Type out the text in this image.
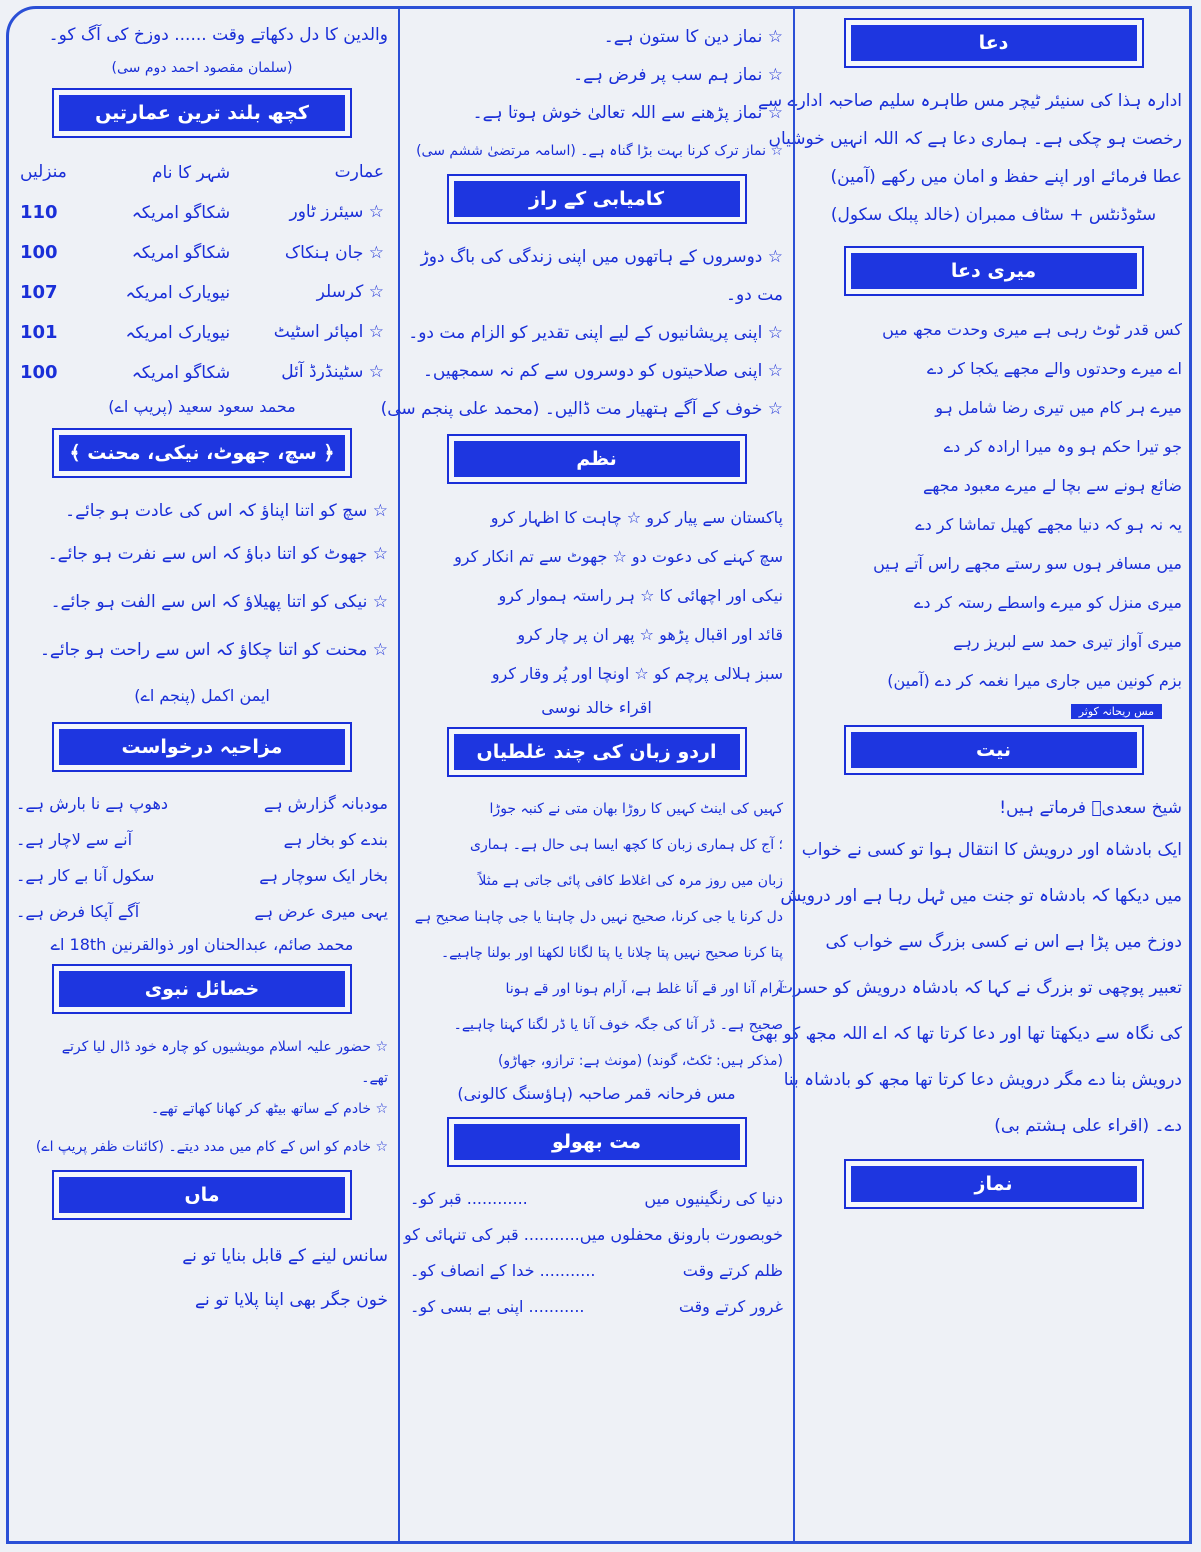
دعا

ادارہ ہذا کی سنیئر ٹیچر مس طاہرہ سلیم صاحبہ ادارے سے

رخصت ہو چکی ہے۔ ہماری دعا ہے کہ اللہ انہیں خوشیاں

عطا فرمائے اور اپنے حفظ و امان میں رکھے (آمین)

سٹوڈنٹس + سٹاف ممبران (خالد پبلک سکول)

میری دعا

کس قدر ٹوٹ رہی ہے میری وحدت مجھ میں

اے میرے وحدتوں والے مجھے یکجا کر دے

میرے ہر کام میں تیری رضا شامل ہو

جو تیرا حکم ہو وہ میرا ارادہ کر دے

ضائع ہونے سے بچا لے میرے معبود مجھے

یہ نہ ہو کہ دنیا مجھے کھیل تماشا کر دے

میں مسافر ہوں سو رستے مجھے راس آتے ہیں

میری منزل کو میرے واسطے رستہ کر دے

میری آواز تیری حمد سے لبریز رہے

بزم کونین میں جاری میرا نغمہ کر دے (آمین)

مس ریحانہ کوثر
نیت

شیخ سعدیؒ فرماتے ہیں!

ایک بادشاہ اور درویش کا انتقال ہوا تو کسی نے خواب

میں دیکھا کہ بادشاہ تو جنت میں ٹہل رہا ہے اور درویش

دوزخ میں پڑا ہے اس نے کسی بزرگ سے خواب کی

تعبیر پوچھی تو بزرگ نے کہا کہ بادشاہ درویش کو حسرت

کی نگاہ سے دیکھتا تھا اور دعا کرتا تھا کہ اے اللہ مجھ کو بھی

درویش بنا دے مگر درویش دعا کرتا تھا مجھ کو بادشاہ بنا

دے۔ (اقراء علی ہشتم بی)

نماز

☆ نماز دین کا ستون ہے۔

☆ نماز ہم سب پر فرض ہے۔

☆ نماز پڑھنے سے اللہ تعالیٰ خوش ہوتا ہے۔

☆ نماز ترک کرنا بہت بڑا گناہ ہے۔ (اسامہ مرتضیٰ ششم سی)

کامیابی کے راز

☆ دوسروں کے ہاتھوں میں اپنی زندگی کی باگ دوڑ

مت دو۔

☆ اپنی پریشانیوں کے لیے اپنی تقدیر کو الزام مت دو۔

☆ اپنی صلاحیتوں کو دوسروں سے کم نہ سمجھیں۔

☆ خوف کے آگے ہتھیار مت ڈالیں۔ (محمد علی پنجم سی)

نظم

پاکستان سے پیار کرو ☆ چاہت کا اظہار کرو

سچ کہنے کی دعوت دو ☆ جھوٹ سے تم انکار کرو

نیکی اور اچھائی کا ☆ ہر راستہ ہموار کرو

قائد اور اقبال پڑھو ☆ پھر ان پر چار کرو

سبز ہلالی پرچم کو ☆ اونچا اور پُر وقار کرو

اقراء خالد نوسی

اردو زبان کی چند غلطیاں

کہیں کی اینٹ کہیں کا روڑا بھان متی نے کنبہ جوڑا

؛ آج کل ہماری زبان کا کچھ ایسا ہی حال ہے۔ ہماری

زبان میں روز مرہ کی اغلاط کافی پائی جاتی ہے مثلاً

دل کرنا یا جی کرنا، صحیح نہیں دل چاہنا یا جی چاہنا صحیح ہے

پتا کرنا صحیح نہیں پتا چلانا یا پتا لگانا لکھنا اور بولنا چاہیے۔

آرام آنا اور قے آنا غلط ہے، آرام ہونا اور قے ہونا

صحیح ہے۔ ڈر آنا کی جگہ خوف آنا یا ڈر لگنا کہنا چاہیے۔

(مذکر ہیں: ٹکٹ، گوند) (مونث ہے: ترازو، جھاڑو)

مس فرحانہ قمر صاحبہ (ہاؤسنگ کالونی)

مت بھولو
دنیا کی رنگینیوں میں
............ قبر کو۔
خوبصورت بارونق محفلوں میں
........... قبر کی تنہائی کو
ظلم کرتے وقت
........... خدا کے انصاف کو۔
غرور کرتے وقت
........... اپنی بے بسی کو۔

والدین کا دل دکھاتے وقت ...... دوزخ کی آگ کو۔

(سلمان مقصود احمد دوم سی)

کچھ بلند ترین عمارتیں
عمارت	شہر کا نام	منزلیں
☆ سیئرز ٹاور	شکاگو امریکہ	110
☆ جان ہنکاک	شکاگو امریکہ	100
☆ کرسلر	نیویارک امریکہ	107
☆ امپائر اسٹیٹ	نیویارک امریکہ	101
☆ سٹینڈرڈ آئل	شکاگو امریکہ	100

محمد سعود سعید (پریپ اے)

﴿ سچ، جھوٹ، نیکی، محنت ﴾

☆ سچ کو اتنا اپناؤ کہ اس کی عادت ہو جائے۔

☆ جھوٹ کو اتنا دباؤ کہ اس سے نفرت ہو جائے۔

☆ نیکی کو اتنا پھیلاؤ کہ اس سے الفت ہو جائے۔

☆ محنت کو اتنا چکاؤ کہ اس سے راحت ہو جائے۔

ایمن اکمل (پنجم اے)

مزاحیہ درخواست
مودبانہ گزارش ہے
دھوپ ہے نا بارش ہے۔
بندے کو بخار ہے
آنے سے لاچار ہے۔
بخار ایک سوچار ہے
سکول آنا بے کار ہے۔
یہی میری عرض ہے
آگے آپکا فرض ہے۔

محمد صائم، عبدالحنان اور ذوالقرنین 18th اے

خصائل نبوی

☆ حضور علیہ اسلام مویشیوں کو چارہ خود ڈال لیا کرتے

تھے۔

☆ خادم کے ساتھ بیٹھ کر کھانا کھاتے تھے۔

☆ خادم کو اس کے کام میں مدد دیتے۔ (کائنات ظفر پریپ اے)

ماں

سانس لینے کے قابل بنایا تو نے

خون جگر بھی اپنا پلایا تو نے
